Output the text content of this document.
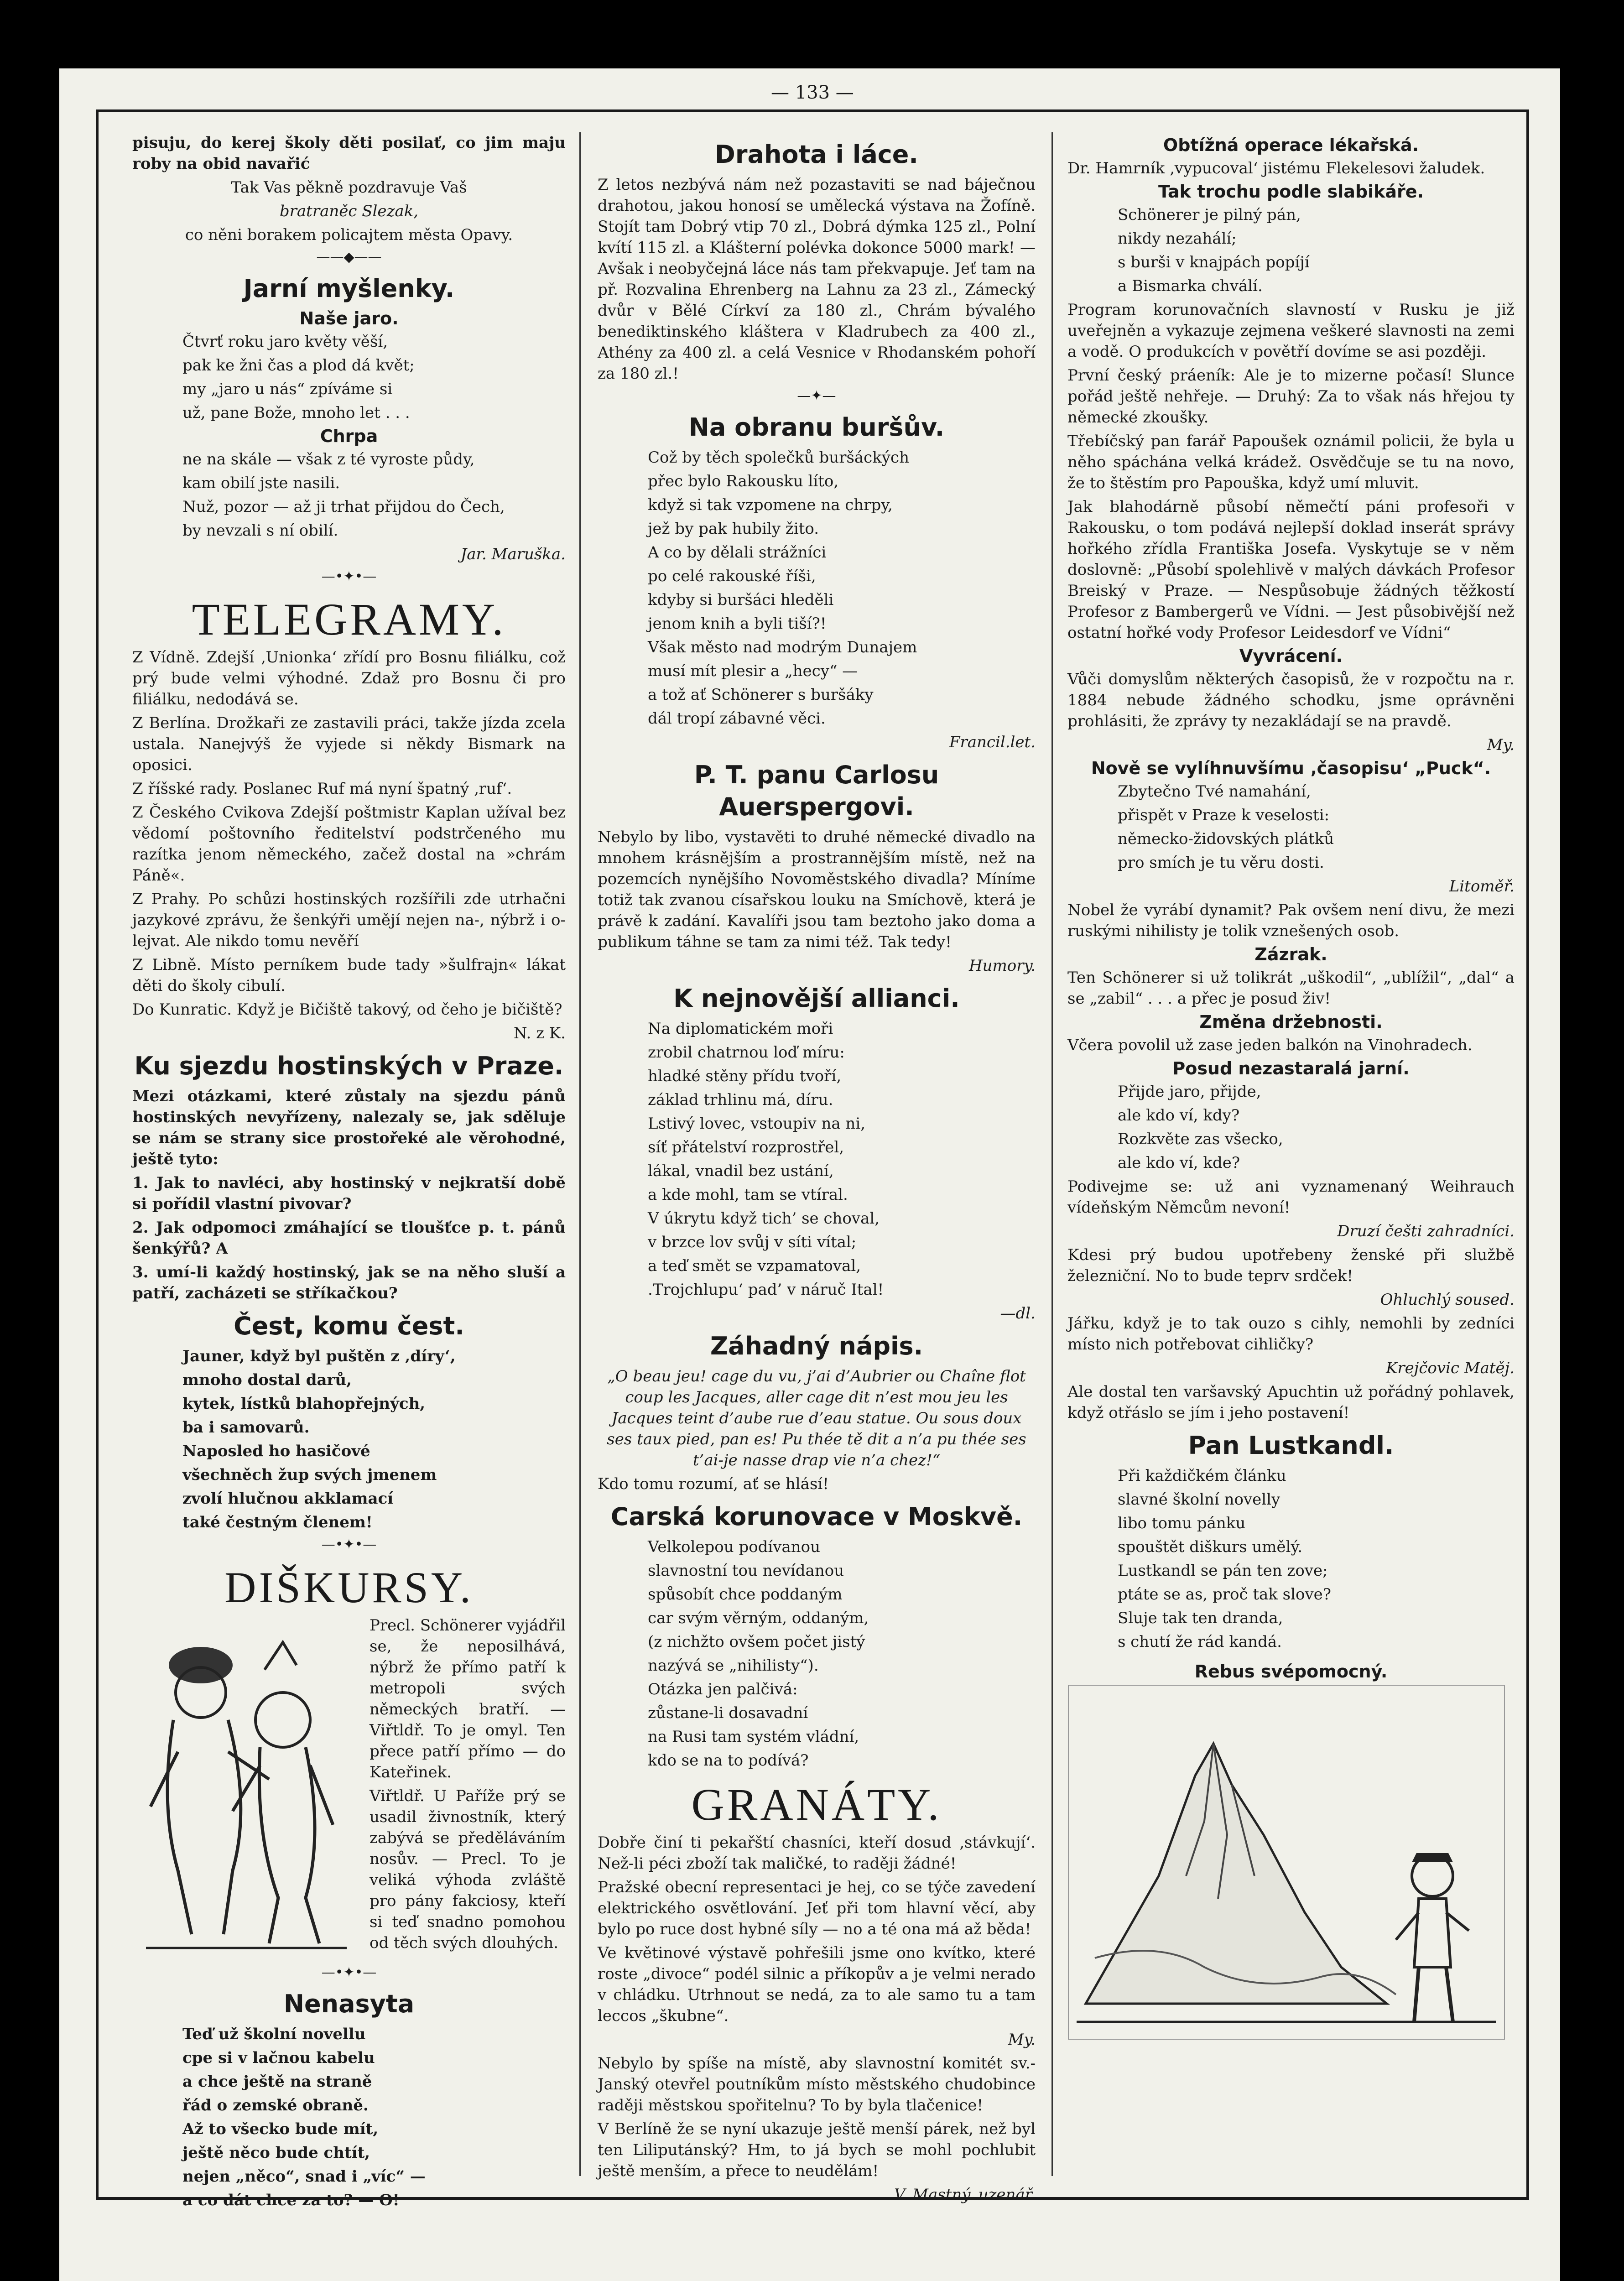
— 133 —

pisuju, do kerej školy děti posilať, co jim maju roby na obid navařić

Tak Vas pěkně pozdravuje Vaš

bratraněc Slezak,

co něni borakem policajtem města Opavy.

——◆——
Jarní myšlenky.
Naše jaro.

Čtvrť roku jaro květy věší,

pak ke žni čas a plod dá květ;

my „jaro u nás“ zpíváme si

už, pane Bože, mnoho let . . .

Chrpa

ne na skále — však z té vyroste půdy,

kam obilí jste nasili.

Nuž, pozor — až ji trhat přijdou do Čech,

by nevzali s ní obilí.

Jar. Maruška.

—•✦•—
TELEGRAMY.

Z Vídně. Zdejší ‚Unionka‘ zřídí pro Bosnu filiálku, což prý bude velmi výhodné. Zdaž pro Bosnu či pro filiálku, nedodává se.

Z Berlína. Drožkaři ze zastavili práci, takže jízda zcela ustala. Nanejvýš že vyjede si někdy Bismark na oposici.

Z říšské rady. Poslanec Ruf má nyní špatný ‚ruf‘.

Z Českého Cvikova Zdejší poštmistr Kaplan užíval bez vědomí poštovního ředitelství podstrčeného mu razítka jenom německého, začež dostal na »chrám Páně«.

Z Prahy. Po schůzi hostinských rozšířili zde utrhačni jazykové zprávu, že šenkýři umějí nejen na-, nýbrž i o-lejvat. Ale nikdo tomu nevěří

Z Libně. Místo perníkem bude tady »šulfrajn« lákat děti do školy cibulí.

Do Kunratic. Když je Bičiště takový, od čeho je bičiště?

N. z K.

Ku sjezdu hostinských v Praze.

Mezi otázkami, které zůstaly na sjezdu pánů hostinských nevyřízeny, nalezaly se, jak sděluje se nám se strany sice prostořeké ale věrohodné, ještě tyto:

1. Jak to navléci, aby hostinský v nejkratší době si pořídil vlastní pivovar?

2. Jak odpomoci zmáhající se tloušťce p. t. pánů šenkýřů? A

3. umí-li každý hostinský, jak se na něho sluší a patří, zacházeti se stříkačkou?

Čest, komu čest.

Jauner, když byl puštěn z ‚díry‘,

mnoho dostal darů,

kytek, lístků blahopřejných,

ba i samovarů.

Naposled ho hasičové

všechněch žup svých jmenem

zvolí hlučnou akklamací

také čestným členem!

—•✦•—
DIŠKURSY.

Precl. Schönerer vyjádřil se, že neposilhává, nýbrž že přímo patří k metropoli svých německých bratří. — Viřtldř. To je omyl. Ten přece patří přímo — do Kateřinek.

Viřtldř. U Paříže prý se usadil živnostník, který zabývá se předěláváním nosův. — Precl. To je veliká výhoda zvláště pro pány fakciosy, kteří si teď snadno pomohou od těch svých dlouhých.

—•✦•—
Nenasyta

Teď už školní novellu

cpe si v lačnou kabelu

a chce ještě na straně

řád o zemské obraně.

Až to všecko bude mít,

ještě něco bude chtít,

nejen „něco“, snad i „víc“ —

a co dát chce za to? — O!

Drahota i láce.

Z letos nezbývá nám než pozastaviti se nad báječnou drahotou, jakou honosí se umělecká výstava na Žofíně. Stojít tam Dobrý vtip 70 zl., Dobrá dýmka 125 zl., Polní kvítí 115 zl. a Klášterní polévka dokonce 5000 mark! — Avšak i neobyčejná láce nás tam překvapuje. Jeť tam na př. Rozvalina Ehrenberg na Lahnu za 23 zl., Zámecký dvůr v Bělé Církví za 180 zl., Chrám bývalého benediktinského kláštera v Kladrubech za 400 zl., Athény za 400 zl. a celá Vesnice v Rhodanském pohoří za 180 zl.!

—✦—
Na obranu buršův.

Což by těch společků buršáckých

přec bylo Rakousku líto,

když si tak vzpomene na chrpy,

jež by pak hubily žito.

A co by dělali strážníci

po celé rakouské říši,

kdyby si buršáci hleděli

jenom knih a byli tiší?!

Však město nad modrým Dunajem

musí mít plesir a „hecy“ —

a tož ať Schönerer s buršáky

dál tropí zábavné věci.

Francil.let.

P. T. panu Carlosu Auerspergovi.

Nebylo by libo, vystavěti to druhé německé divadlo na mnohem krásnějším a prostrannějším místě, než na pozemcích nynějšího Novoměstského divadla? Míníme totiž tak zvanou císařskou louku na Smíchově, která je právě k zadání. Kavalíři jsou tam beztoho jako doma a publikum táhne se tam za nimi též. Tak tedy!

Humory.

K nejnovější allianci.

Na diplomatickém moři

zrobil chatrnou loď míru:

hladké stěny přídu tvoří,

základ trhlinu má, díru.

Lstivý lovec, vstoupiv na ni,

síť přátelství rozprostřel,

lákal, vnadil bez ustání,

a kde mohl, tam se vtíral.

V úkrytu když tich’ se choval,

v brzce lov svůj v síti vítal;

a teď smět se vzpamatoval,

.Trojchlupu‘ pad’ v náruč Ital!

—dl.

Záhadný nápis.

„O beau jeu! cage du vu, j’ai d’Aubrier ou Chaîne flot coup les Jacques, aller cage dit n’est mou jeu les Jacques teint d’aube rue d’eau statue. Ou sous doux ses taux pied, pan es! Pu thée tě dit a n’a pu thée ses t’ai-je nasse drap vie n’a chez!“

Kdo tomu rozumí, ať se hlásí!

Carská korunovace v Moskvě.

Velkolepou podívanou

slavnostní tou nevídanou

spůsobít chce poddaným

car svým věrným, oddaným,

(z nichžto ovšem počet jistý

nazývá se „nihilisty“).

Otázka jen palčivá:

zůstane-li dosavadní

na Rusi tam systém vládní,

kdo se na to podívá?

GRANÁTY.

Dobře činí ti pekařští chasníci, kteří dosud ‚stávkují‘. Než-li péci zboží tak maličké, to raději žádné!

Pražské obecní representaci je hej, co se týče zavedení elektrického osvětlování. Jeť při tom hlavní věcí, aby bylo po ruce dost hybné síly — no a té ona má až běda!

Ve květinové výstavě pohřešili jsme ono kvítko, které roste „divoce“ podél silnic a příkopův a je velmi nerado v chládku. Utrhnout se nedá, za to ale samo tu a tam leccos „škubne“.

My.

Nebylo by spíše na místě, aby slavnostní komitét sv.-Janský otevřel poutníkům místo městského chudobince raději městskou spořitelnu? To by byla tlačenice!

V Berlíně že se nyní ukazuje ještě menší párek, než byl ten Liliputánský? Hm, to já bych se mohl pochlubit ještě menším, a přece to neudělám!

V. Mastný. uzenář.

Obtížná operace lékařská.

Dr. Hamrník ‚vypucoval‘ jistému Flekelesovi žaludek.

Tak trochu podle slabikáře.

Schönerer je pilný pán,

nikdy nezahálí;

s burši v knajpách popíjí

a Bismarka chválí.

Program korunovačních slavností v Rusku je již uveřejněn a vykazuje zejmena veškeré slavnosti na zemi a vodě. O produkcích v povětří dovíme se asi později.

První český práeník: Ale je to mizerne počasí! Slunce pořád ještě nehřeje. — Druhý: Za to však nás hřejou ty německé zkoušky.

Třebíčský pan farář Papoušek oznámil policii, že byla u něho spáchána velká krádež. Osvědčuje se tu na novo, že to štěstím pro Papouška, když umí mluvit.

Jak blahodárně působí němečtí páni profesoři v Rakousku, o tom podává nejlepší doklad inserát správy hořkého zřídla Františka Josefa. Vyskytuje se v něm doslovně: „Působí spolehlivě v malých dávkách Profesor Breiský v Praze. — Nespůsobuje žádných těžkostí Profesor z Bambergerů ve Vídni. — Jest působivější než ostatní hořké vody Profesor Leidesdorf ve Vídni“

Vyvrácení.

Vůči domyslům některých časopisů, že v rozpočtu na r. 1884 nebude žádného schodku, jsme oprávněni prohlásiti, že zprávy ty nezakládají se na pravdě.

My.

Nově se vylíhnuvšímu ‚časopisu‘ „Puck“.

Zbytečno Tvé namahání,

přispět v Praze k veselosti:

německo-židovských plátků

pro smích je tu věru dosti.

Litoměř.

Nobel že vyrábí dynamit? Pak ovšem není divu, že mezi ruskými nihilisty je tolik vznešených osob.

Zázrak.

Ten Schönerer si už tolikrát „uškodil“, „ublížil“, „dal“ a se „zabil“ . . . a přec je posud živ!

Změna držebnosti.

Včera povolil už zase jeden balkón na Vinohradech.

Posud nezastaralá jarní.

Přijde jaro, přijde,

ale kdo ví, kdy?

Rozkvěte zas všecko,

ale kdo ví, kde?

Podivejme se: už ani vyznamenaný Weihrauch vídeňským Němcům nevoní!

Druzí češti zahradníci.

Kdesi prý budou upotřebeny ženské při službě železniční. No to bude teprv srdček!

Ohluchlý soused.

Jářku, když je to tak ouzo s cihly, nemohli by zedníci místo nich potřebovat cihličky?

Krejčovic Matěj.

Ale dostal ten varšavský Apuchtin už pořádný pohlavek, když otřáslo se jím i jeho postavení!

Pan Lustkandl.

Při každičkém článku

slavné školní novelly

libo tomu pánku

spouštět diškurs umělý.

Lustkandl se pán ten zove;

ptáte se as, proč tak slove?

Sluje tak ten dranda,

s chutí že rád kandá.

Rebus svépomocný.
